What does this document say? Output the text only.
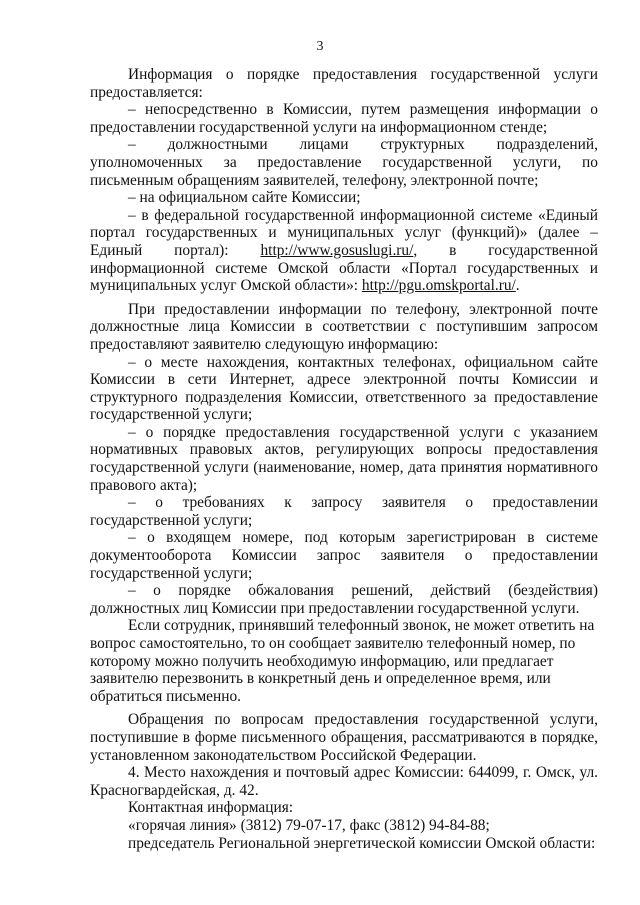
3

Информация о порядке предоставления государственной услуги предоставляется:

– непосредственно в Комиссии, путем размещения информации о предоставлении государственной услуги на информационном стенде;

– должностными лицами структурных подразделений, уполномоченных за предоставление государственной услуги, по письменным обращениям заявителей, телефону, электронной почте;

– на официальном сайте Комиссии;

– в федеральной государственной информационной системе «Единый портал государственных и муниципальных услуг (функций)» (далее – Единый портал): http://www.gosuslugi.ru/, в государственной информационной системе Омской области «Портал государственных и муниципальных услуг Омской области»: http://pgu.omskportal.ru/.

При предоставлении информации по телефону, электронной почте должностные лица Комиссии в соответствии с поступившим запросом предоставляют заявителю следующую информацию:

– о месте нахождения, контактных телефонах, официальном сайте Комиссии в сети Интернет, адресе электронной почты Комиссии и структурного подразделения Комиссии, ответственного за предоставление государственной услуги;

– о порядке предоставления государственной услуги с указанием нормативных правовых актов, регулирующих вопросы предоставления государственной услуги (наименование, номер, дата принятия нормативного правового акта);

– о требованиях к запросу заявителя о предоставлении государственной услуги;

– о входящем номере, под которым зарегистрирован в системе документооборота Комиссии запрос заявителя о предоставлении государственной услуги;

– о порядке обжалования решений, действий (бездействия) должностных лиц Комиссии при предоставлении государственной услуги.

Если сотрудник, принявший телефонный звонок, не может ответить на вопрос самостоятельно, то он сообщает заявителю телефонный номер, по которому можно получить необходимую информацию, или предлагает заявителю перезвонить в конкретный день и определенное время, или обратиться письменно.

Обращения по вопросам предоставления государственной услуги, поступившие в форме письменного обращения, рассматриваются в порядке, установленном законодательством Российской Федерации.

4. Место нахождения и почтовый адрес Комиссии: 644099, г. Омск, ул. Красногвардейская, д. 42.

Контактная информация:

«горячая линия» (3812) 79-07-17, факс (3812) 94-84-88;

председатель Региональной энергетической комиссии Омской области:
